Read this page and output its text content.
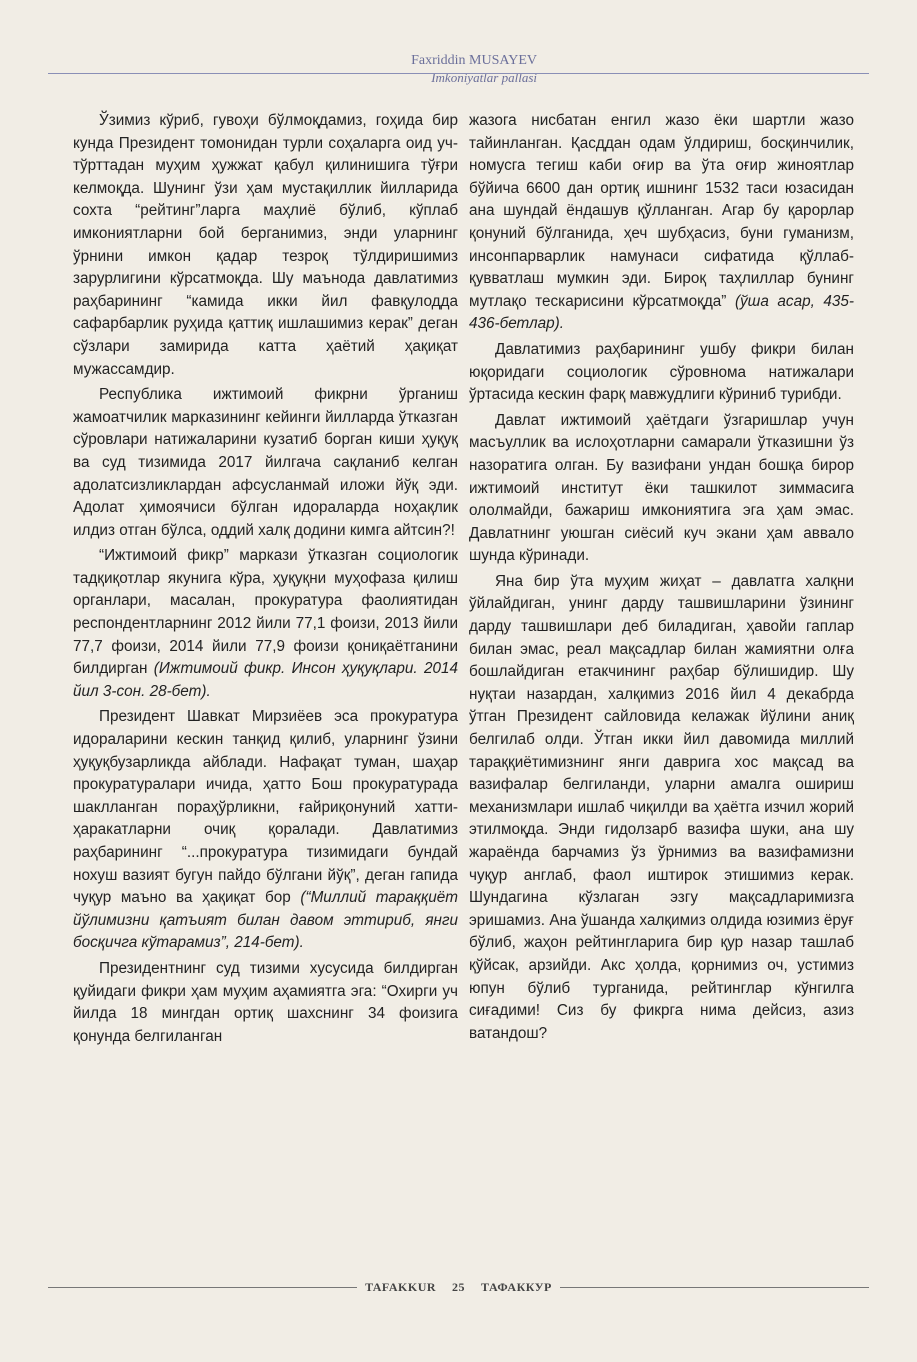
Faxriddin MUSAYEV
Imkoniyatlar pallasi

Ўзимиз кўриб, гувоҳи бўлмоқдамиз, гоҳида бир кунда Президент томонидан турли соҳаларга оид уч-тўрттадан муҳим ҳужжат қабул қилинишига тўғри келмоқда. Шунинг ўзи ҳам мустақиллик йилларида сохта “рейтинг”ларга маҳлиё бўлиб, кўплаб имкониятларни бой берганимиз, энди уларнинг ўрнини имкон қадар тезроқ тўлдиришимиз зарурлигини кўрсатмоқда. Шу маънода давлатимиз раҳбарининг “камида икки йил фавқулодда сафарбарлик руҳида қаттиқ ишлашимиз керак” деган сўзлари замирида катта ҳаётий ҳақиқат мужассамдир.

Республика ижтимоий фикрни ўрганиш жамоатчилик марказининг кейинги йилларда ўтказган сўровлари натижаларини кузатиб борган киши ҳуқуқ ва суд тизимида 2017 йилгача сақланиб келган адолатсизликлардан афсусланмай иложи йўқ эди. Адолат ҳимоячиси бўлган идораларда ноҳақлик илдиз отган бўлса, оддий халқ додини кимга айтсин?!

“Ижтимоий фикр” маркази ўтказган социологик тадқиқотлар якунига кўра, ҳуқуқни муҳофаза қилиш органлари, масалан, прокуратура фаолиятидан респондентларнинг 2012 йили 77,1 фоизи, 2013 йили 77,7 фоизи, 2014 йили 77,9 фоизи қониқаётганини билдирган (Ижтимоий фикр. Инсон ҳуқуқлари. 2014 йил 3-сон. 28-бет).

Президент Шавкат Мирзиёев эса прокуратура идораларини кескин танқид қилиб, уларнинг ўзини ҳуқуқбузарликда айблади. Нафақат туман, шаҳар прокуратуралари ичида, ҳатто Бош прокуратурада шаклланган пораҳўрликни, ғайриқонуний хатти-ҳаракатларни очиқ қоралади. Давлатимиз раҳбарининг “...прокуратура тизимидаги бундай нохуш вазият бугун пайдо бўлгани йўқ”, деган гапида чуқур маъно ва ҳақиқат бор (“Миллий тараққиёт йўлимизни қатъият билан давом эттириб, янги босқичга кўтарамиз”, 214-бет).

Президентнинг суд тизими хусусида билдирган қуйидаги фикри ҳам муҳим аҳамиятга эга: “Охирги уч йилда 18 мингдан ортиқ шахснинг 34 фоизига қонунда белгиланган

жазога нисбатан енгил жазо ёки шартли жазо тайинланган. Қасддан одам ўлдириш, босқинчилик, номусга тегиш каби оғир ва ўта оғир жиноятлар бўйича 6600 дан ортиқ ишнинг 1532 таси юзасидан ана шундай ёндашув қўлланган. Агар бу қарорлар қонуний бўлганида, ҳеч шубҳасиз, буни гуманизм, инсонпарварлик намунаси сифатида қўллаб-қувватлаш мумкин эди. Бироқ таҳлиллар бунинг мутлақо тескарисини кўрсатмоқда” (ўша асар, 435-436-бетлар).

Давлатимиз раҳбарининг ушбу фикри билан юқоридаги социологик сўровнома натижалари ўртасида кескин фарқ мавжудлиги кўриниб турибди.

Давлат ижтимоий ҳаётдаги ўзгаришлар учун масъуллик ва ислоҳотларни самарали ўтказишни ўз назоратига олган. Бу вазифани ундан бошқа бирор ижтимоий институт ёки ташкилот зиммасига ололмайди, бажариш имкониятига эга ҳам эмас. Давлатнинг уюшган сиёсий куч экани ҳам аввало шунда кўринади.

Яна бир ўта муҳим жиҳат – давлатга халқни ўйлайдиган, унинг дарду ташвишларини ўзининг дарду ташвишлари деб биладиган, ҳавойи гаплар билан эмас, реал мақсадлар билан жамиятни олға бошлайдиган етакчининг раҳбар бўлишидир. Шу нуқтаи назардан, халқимиз 2016 йил 4 декабрда ўтган Президент сайловида келажак йўлини аниқ белгилаб олди. Ўтган икки йил давомида миллий тараққиётимизнинг янги даврига хос мақсад ва вазифалар белгиланди, уларни амалга ошириш механизмлари ишлаб чиқилди ва ҳаётга изчил жорий этилмоқда. Энди гидолзарб вазифа шуки, ана шу жараёнда барчамиз ўз ўрнимиз ва вазифамизни чуқур англаб, фаол иштирок этишимиз керак. Шундагина кўзлаган эзгу мақсадларимизга эришамиз. Ана ўшанда халқимиз олдида юзимиз ёруғ бўлиб, жаҳон рейтингларига бир қур назар ташлаб қўйсак, арзийди. Акс ҳолда, қорнимиз оч, устимиз юпун бўлиб турганида, рейтинглар кўнгилга сиғадими! Сиз бу фикрга нима дейсиз, азиз ватандош?

TAFAKKUR	25	ТАФАККУР
